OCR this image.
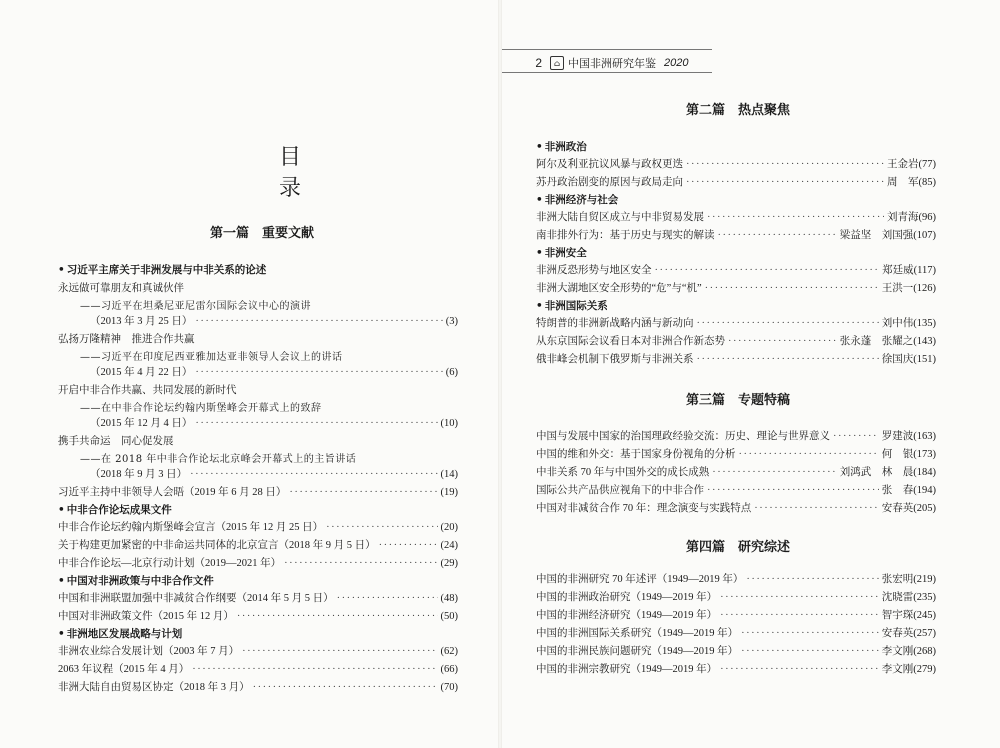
目　录
第一篇　重要文献
• 习近平主席关于非洲发展与中非关系的论述
永远做可靠朋友和真诚伙伴
——习近平在坦桑尼亚尼雷尔国际会议中心的演讲
（2013 年 3 月 25 日） ·····	(3)
弘扬万隆精神　推进合作共赢
——习近平在印度尼西亚雅加达亚非领导人会议上的讲话
（2015 年 4 月 22 日） ·····	(6)
开启中非合作共赢、共同发展的新时代
——在中非合作论坛约翰内斯堡峰会开幕式上的致辞
（2015 年 12 月 4 日） ·····	(10)
携手共命运　同心促发展
——在 2018 年中非合作论坛北京峰会开幕式上的主旨讲话
（2018 年 9 月 3 日） ·····	(14)
习近平主持中非领导人会晤（2019 年 6 月 28 日） ·····	(19)
• 中非合作论坛成果文件
中非合作论坛约翰内斯堡峰会宣言（2015 年 12 月 25 日） ·····	(20)
关于构建更加紧密的中非命运共同体的北京宣言（2018 年 9 月 5 日） ·····	(24)
中非合作论坛—北京行动计划（2019—2021 年） ·····	(29)
• 中国对非洲政策与中非合作文件
中国和非洲联盟加强中非减贫合作纲要（2014 年 5 月 5 日） ·····	(48)
中国对非洲政策文件（2015 年 12 月） ·····	(50)
• 非洲地区发展战略与计划
非洲农业综合发展计划（2003 年 7 月） ·····	(62)
2063 年议程（2015 年 4 月） ·····	(66)
非洲大陆自由贸易区协定（2018 年 3 月） ·····	(70)
2	⌂ 中国非洲研究年鉴 2020
第二篇　热点聚焦
• 非洲政治
阿尔及利亚抗议风暴与政权更迭 ·····	王金岩(77)
苏丹政治剧变的原因与政局走向 ·····	周　军(85)
• 非洲经济与社会
非洲大陆自贸区成立与中非贸易发展 ·····	刘青海(96)
南非排外行为：基于历史与现实的解读 ·····	梁益坚　刘国强(107)
• 非洲安全
非洲反恐形势与地区安全 ·····	郑廷威(117)
非洲大湖地区安全形势的“危”与“机” ·····	王洪一(126)
• 非洲国际关系
特朗普的非洲新战略内涵与新动向 ·····	刘中伟(135)
从东京国际会议看日本对非洲合作新态势 ·····	张永蓬　张耀之(143)
俄非峰会机制下俄罗斯与非洲关系 ·····	徐国庆(151)
第三篇　专题特稿
中国与发展中国家的治国理政经验交流：历史、理论与世界意义 ·····	罗建波(163)
中国的维和外交：基于国家身份视角的分析 ·····	何　银(173)
中非关系 70 年与中国外交的成长成熟 ·····	刘鸿武　林　晨(184)
国际公共产品供应视角下的中非合作 ·····	张　春(194)
中国对非减贫合作 70 年：理念演变与实践特点 ·····	安春英(205)
第四篇　研究综述
中国的非洲研究 70 年述评（1949—2019 年） ·····	张宏明(219)
中国的非洲政治研究（1949—2019 年） ·····	沈晓雷(235)
中国的非洲经济研究（1949—2019 年） ·····	智宇琛(245)
中国的非洲国际关系研究（1949—2019 年） ·····	安春英(257)
中国的非洲民族问题研究（1949—2019 年） ·····	李文刚(268)
中国的非洲宗教研究（1949—2019 年） ·····	李文刚(279)
